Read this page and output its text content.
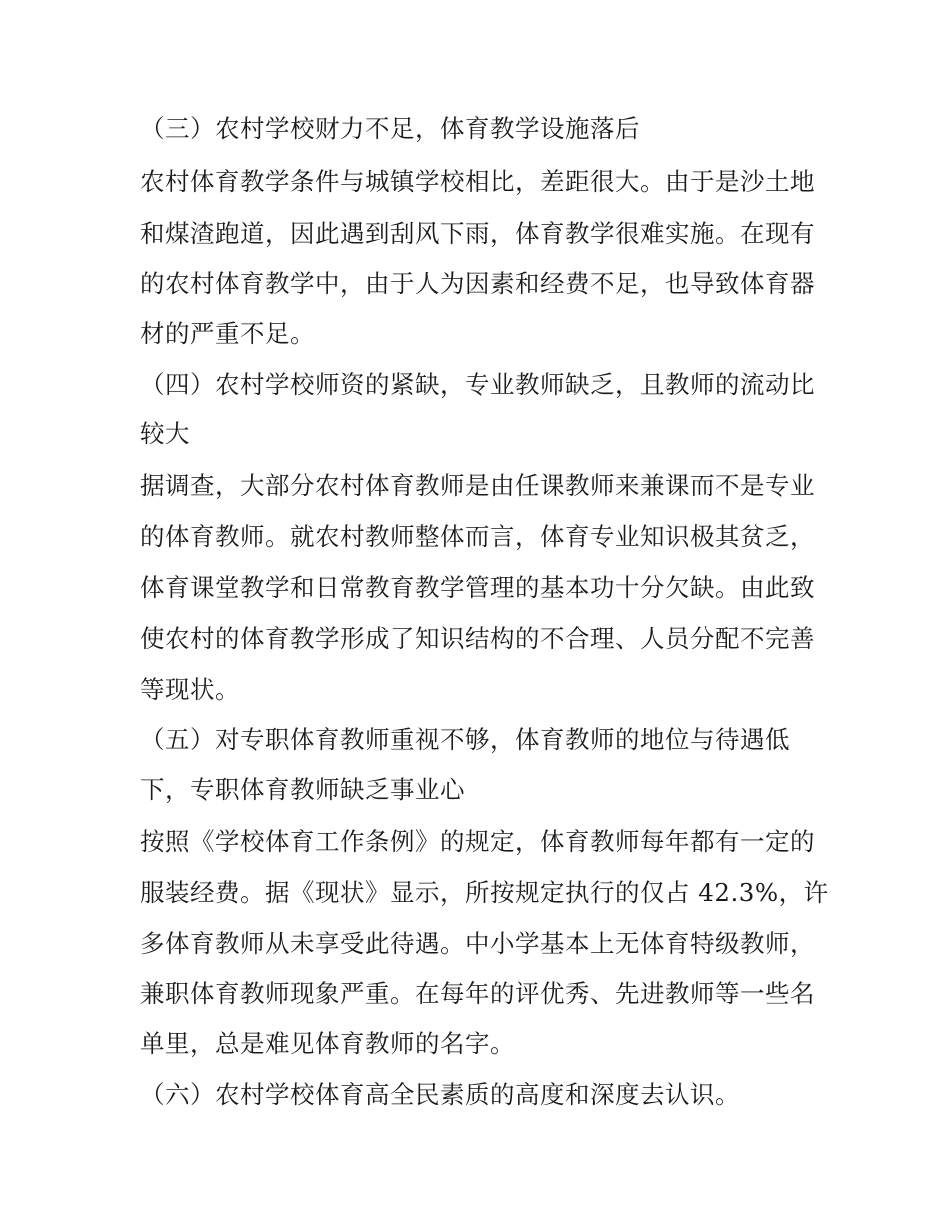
（三）农村学校财力不足，体育教学设施落后
农村体育教学条件与城镇学校相比，差距很大。由于是沙土地
和煤渣跑道，因此遇到刮风下雨，体育教学很难实施。在现有
的农村体育教学中，由于人为因素和经费不足，也导致体育器
材的严重不足。
（四）农村学校师资的紧缺，专业教师缺乏，且教师的流动比
较大
据调查，大部分农村体育教师是由任课教师来兼课而不是专业
的体育教师。就农村教师整体而言，体育专业知识极其贫乏，
体育课堂教学和日常教育教学管理的基本功十分欠缺。由此致
使农村的体育教学形成了知识结构的不合理、人员分配不完善
等现状。
（五）对专职体育教师重视不够，体育教师的地位与待遇低
下，专职体育教师缺乏事业心
按照《学校体育工作条例》的规定，体育教师每年都有一定的
服装经费。据《现状》显示，所按规定执行的仅占 42.3%，许
多体育教师从未享受此待遇。中小学基本上无体育特级教师，
兼职体育教师现象严重。在每年的评优秀、先进教师等一些名
单里，总是难见体育教师的名字。
（六）农村学校体育高全民素质的高度和深度去认识。
